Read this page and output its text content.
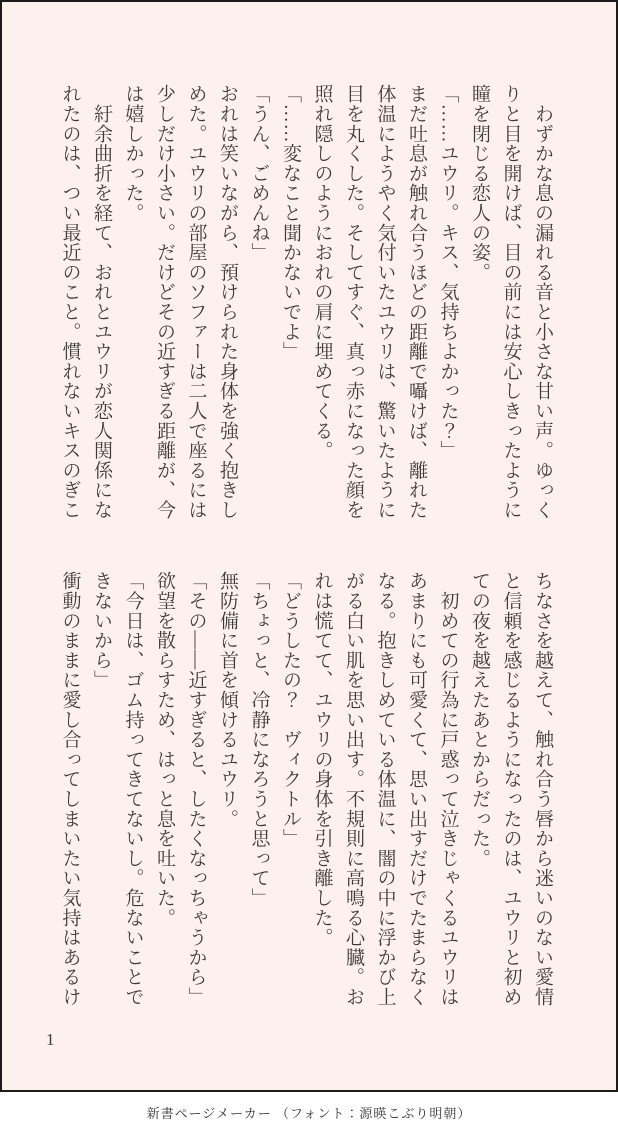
　わずかな息の漏れる音と小さな甘い声。ゆっく

りと目を開けば、目の前には安心しきったように

瞳を閉じる恋人の姿。

「……ユウリ。キス、気持ちよかった？」

まだ吐息が触れ合うほどの距離で囁けば、離れた

体温にようやく気付いたユウリは、驚いたように

目を丸くした。そしてすぐ、真っ赤になった顔を

照れ隠しのようにおれの肩に埋めてくる。

「……変なこと聞かないでよ」

「うん、ごめんね」

おれは笑いながら、預けられた身体を強く抱きし

めた。ユウリの部屋のソファーは二人で座るには

少しだけ小さい。だけどその近すぎる距離が、今

は嬉しかった。

　紆余曲折を経て、おれとユウリが恋人関係にな

れたのは、つい最近のこと。慣れないキスのぎこ

ちなさを越えて、触れ合う唇から迷いのない愛情

と信頼を感じるようになったのは、ユウリと初め

ての夜を越えたあとからだった。

　初めての行為に戸惑って泣きじゃくるユウリは

あまりにも可愛くて、思い出すだけでたまらなく

なる。抱きしめている体温に、闇の中に浮かび上

がる白い肌を思い出す。不規則に高鳴る心臓。お

れは慌てて、ユウリの身体を引き離した。

「どうしたの？　ヴィクトル」

「ちょっと、冷静になろうと思って」

無防備に首を傾けるユウリ。

「その――近すぎると、したくなっちゃうから」

欲望を散らすため、はっと息を吐いた。

「今日は、ゴム持ってきてないし。危ないことで

きないから」

衝動のままに愛し合ってしまいたい気持はあるけ

1
新書ページメーカー （フォント：源暎こぶり明朝）
